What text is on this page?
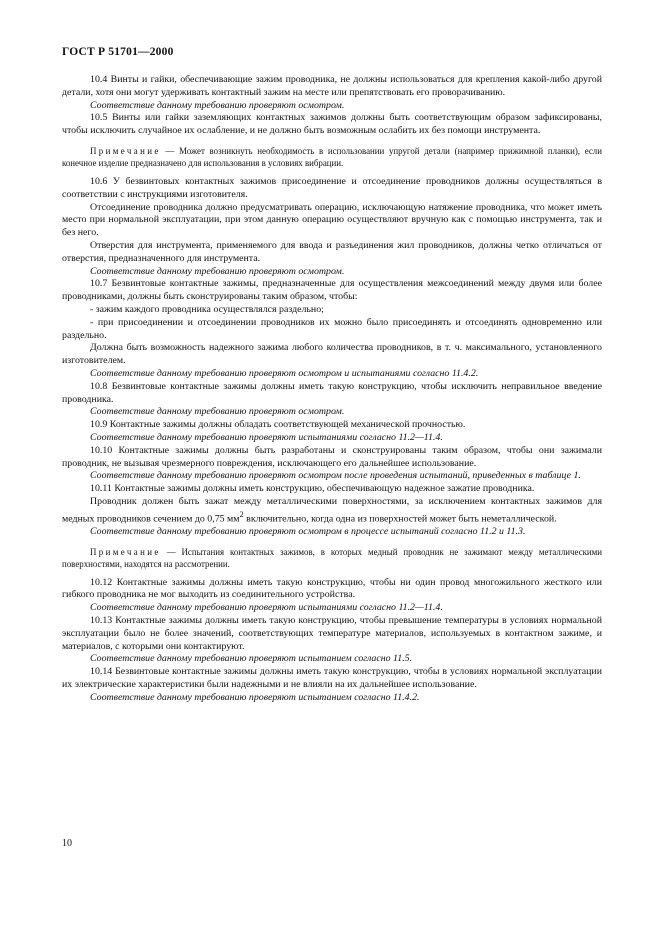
ГОСТ Р 51701—2000

10.4 Винты и гайки, обеспечивающие зажим проводника, не должны использоваться для крепления какой-либо другой детали, хотя они могут удерживать контактный зажим на месте или препятствовать его проворачиванию.

Соответствие данному требованию проверяют осмотром.

10.5 Винты или гайки заземляющих контактных зажимов должны быть соответствующим образом зафиксированы, чтобы исключить случайное их ослабление, и не должно быть возможным ослабить их без помощи инструмента.

Примечание — Может возникнуть необходимость в использовании упругой детали (например прижимной планки), если конечное изделие предназначено для использования в условиях вибрации.

10.6 У безвинтовых контактных зажимов присоединение и отсоединение проводников должны осуществляться в соответствии с инструкциями изготовителя.

Отсоединение проводника должно предусматривать операцию, исключающую натяжение проводника, что может иметь место при нормальной эксплуатации, при этом данную операцию осуществляют вручную как с помощью инструмента, так и без него.

Отверстия для инструмента, применяемого для ввода и разъединения жил проводников, должны четко отличаться от отверстия, предназначенного для инструмента.

Соответствие данному требованию проверяют осмотром.

10.7 Безвинтовые контактные зажимы, предназначенные для осуществления межсоединений между двумя или более проводниками, должны быть сконструированы таким образом, чтобы:

- зажим каждого проводника осуществлялся раздельно;

- при присоединении и отсоединении проводников их можно было присоединять и отсоединять одновременно или раздельно.

Должна быть возможность надежного зажима любого количества проводников, в т. ч. максимального, установленного изготовителем.

Соответствие данному требованию проверяют осмотром и испытаниями согласно 11.4.2.

10.8 Безвинтовые контактные зажимы должны иметь такую конструкцию, чтобы исключить неправильное введение проводника.

Соответствие данному требованию проверяют осмотром.

10.9 Контактные зажимы должны обладать соответствующей механической прочностью.

Соответствие данному требованию проверяют испытаниями согласно 11.2—11.4.

10.10 Контактные зажимы должны быть разработаны и сконструированы таким образом, чтобы они зажимали проводник, не вызывая чрезмерного повреждения, исключающего его дальнейшее использование.

Соответствие данному требованию проверяют осмотром после проведения испытаний, приведенных в таблице 1.

10.11 Контактные зажимы должны иметь конструкцию, обеспечивающую надежное зажатие проводника.

Проводник должен быть зажат между металлическими поверхностями, за исключением контактных зажимов для медных проводников сечением до 0,75 $мм^2$ включительно, когда одна из поверхностей может быть неметаллической.

Соответствие данному требованию проверяют осмотром в процессе испытаний согласно 11.2 и 11.3.

Примечание — Испытания контактных зажимов, в которых медный проводник не зажимают между металлическими поверхностями, находятся на рассмотрении.

10.12 Контактные зажимы должны иметь такую конструкцию, чтобы ни один провод многожильного жесткого или гибкого проводника не мог выходить из соединительного устройства.

Соответствие данному требованию проверяют испытаниями согласно 11.2—11.4.

10.13 Контактные зажимы должны иметь такую конструкцию, чтобы превышение температуры в условиях нормальной эксплуатации было не более значений, соответствующих температуре материалов, используемых в контактном зажиме, и материалов, с которыми они контактируют.

Соответствие данному требованию проверяют испытанием согласно 11.5.

10.14 Безвинтовые контактные зажимы должны иметь такую конструкцию, чтобы в условиях нормальной эксплуатации их электрические характеристики были надежными и не влияли на их дальнейшее использование.

Соответствие данному требованию проверяют испытанием согласно 11.4.2.

10
